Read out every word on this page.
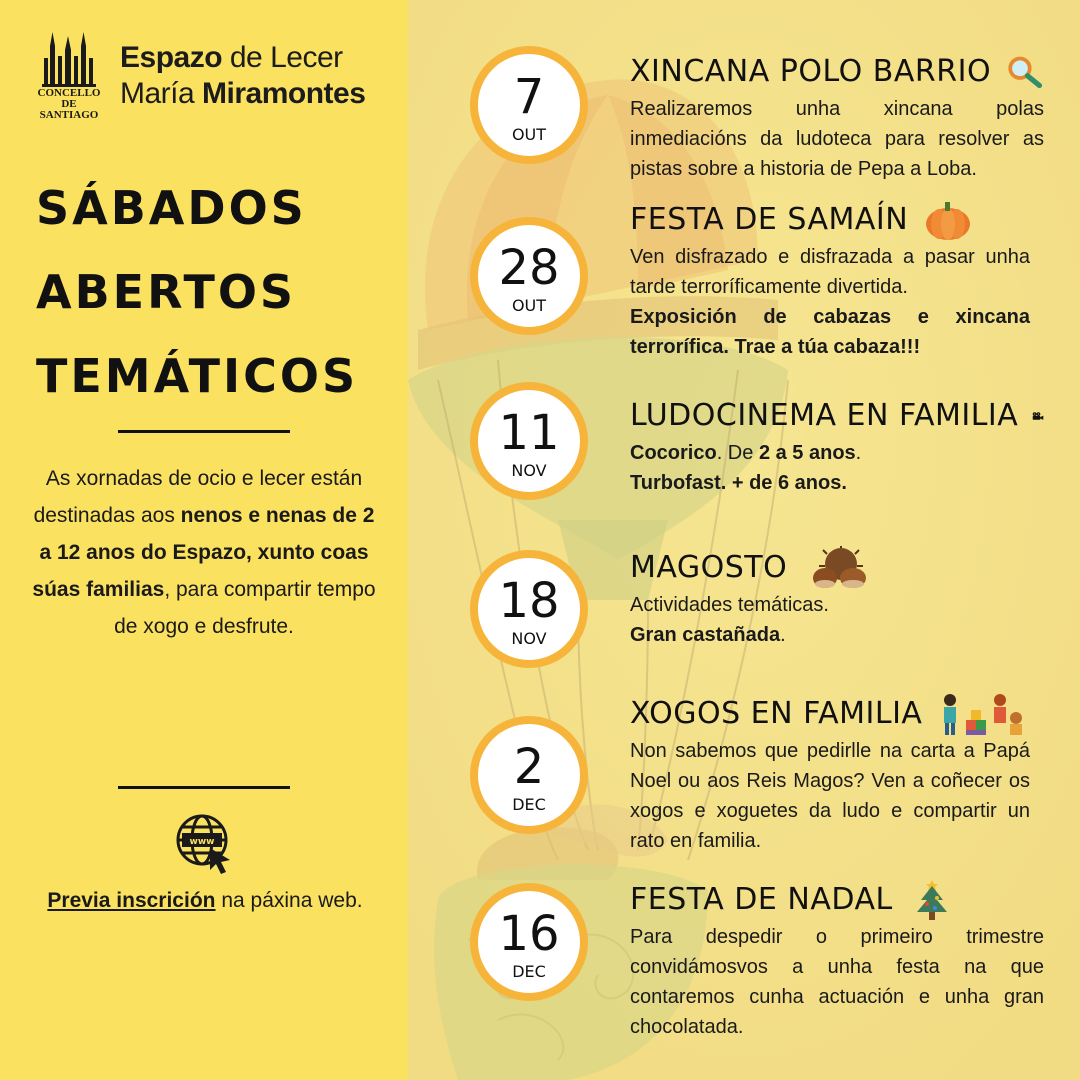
CONCELLO DE SANTIAGO
Espazo de Lecer
María Miramontes
SÁBADOS
ABERTOS
TEMÁTICOS
As xornadas de ocio e lecer están destinadas aos nenos e nenas de 2 a 12 anos do Espazo, xunto coas súas familias, para compartir tempo de xogo e desfrute.
www
Previa inscrición na páxina web.
7
OUT
28
OUT
11
NOV
18
NOV
2
DEC
16
DEC
XINCANA POLO BARRIO
Realizaremos unha xincana polas inmediacións da ludoteca para resolver as pistas sobre a historia de Pepa a Loba.
FESTA DE SAMAÍN
Ven disfrazado e disfrazada a pasar unha tarde terroríficamente divertida.
Exposición de cabazas e xincana terrorífica. Trae a túa cabaza!!!
LUDOCINEMA EN FAMILIA
Cocorico. De 2 a 5 anos.
Turbofast. + de 6 anos.
MAGOSTO
Actividades temáticas.
Gran castañada.
XOGOS EN FAMILIA
Non sabemos que pedirlle na carta a Papá Noel ou aos Reis Magos? Ven a coñecer os xogos e xoguetes da ludo e compartir un rato en familia.
FESTA DE NADAL
Para despedir o primeiro trimestre convidámosvos a unha festa na que contaremos cunha actuación e unha gran chocolatada.
